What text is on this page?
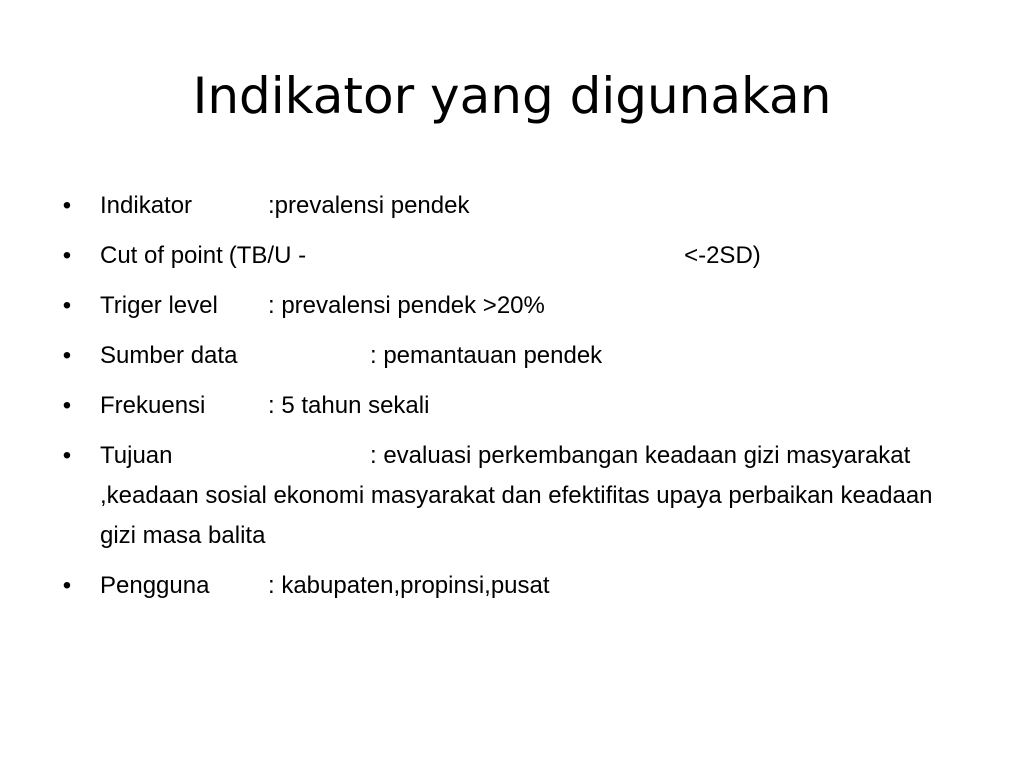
Indikator yang digunakan
• Indikator	:prevalensi pendek
• Cut of point (TB/U -	<-2SD)
• Triger level : prevalensi pendek >20%
• Sumber data	: pemantauan pendek
• Frekuensi	: 5 tahun sekali
• Tujuan	: evaluasi perkembangan keadaan gizi masyarakat ,keadaan sosial ekonomi masyarakat dan efektifitas upaya perbaikan keadaan gizi masa balita
• Pengguna : kabupaten,propinsi,pusat
